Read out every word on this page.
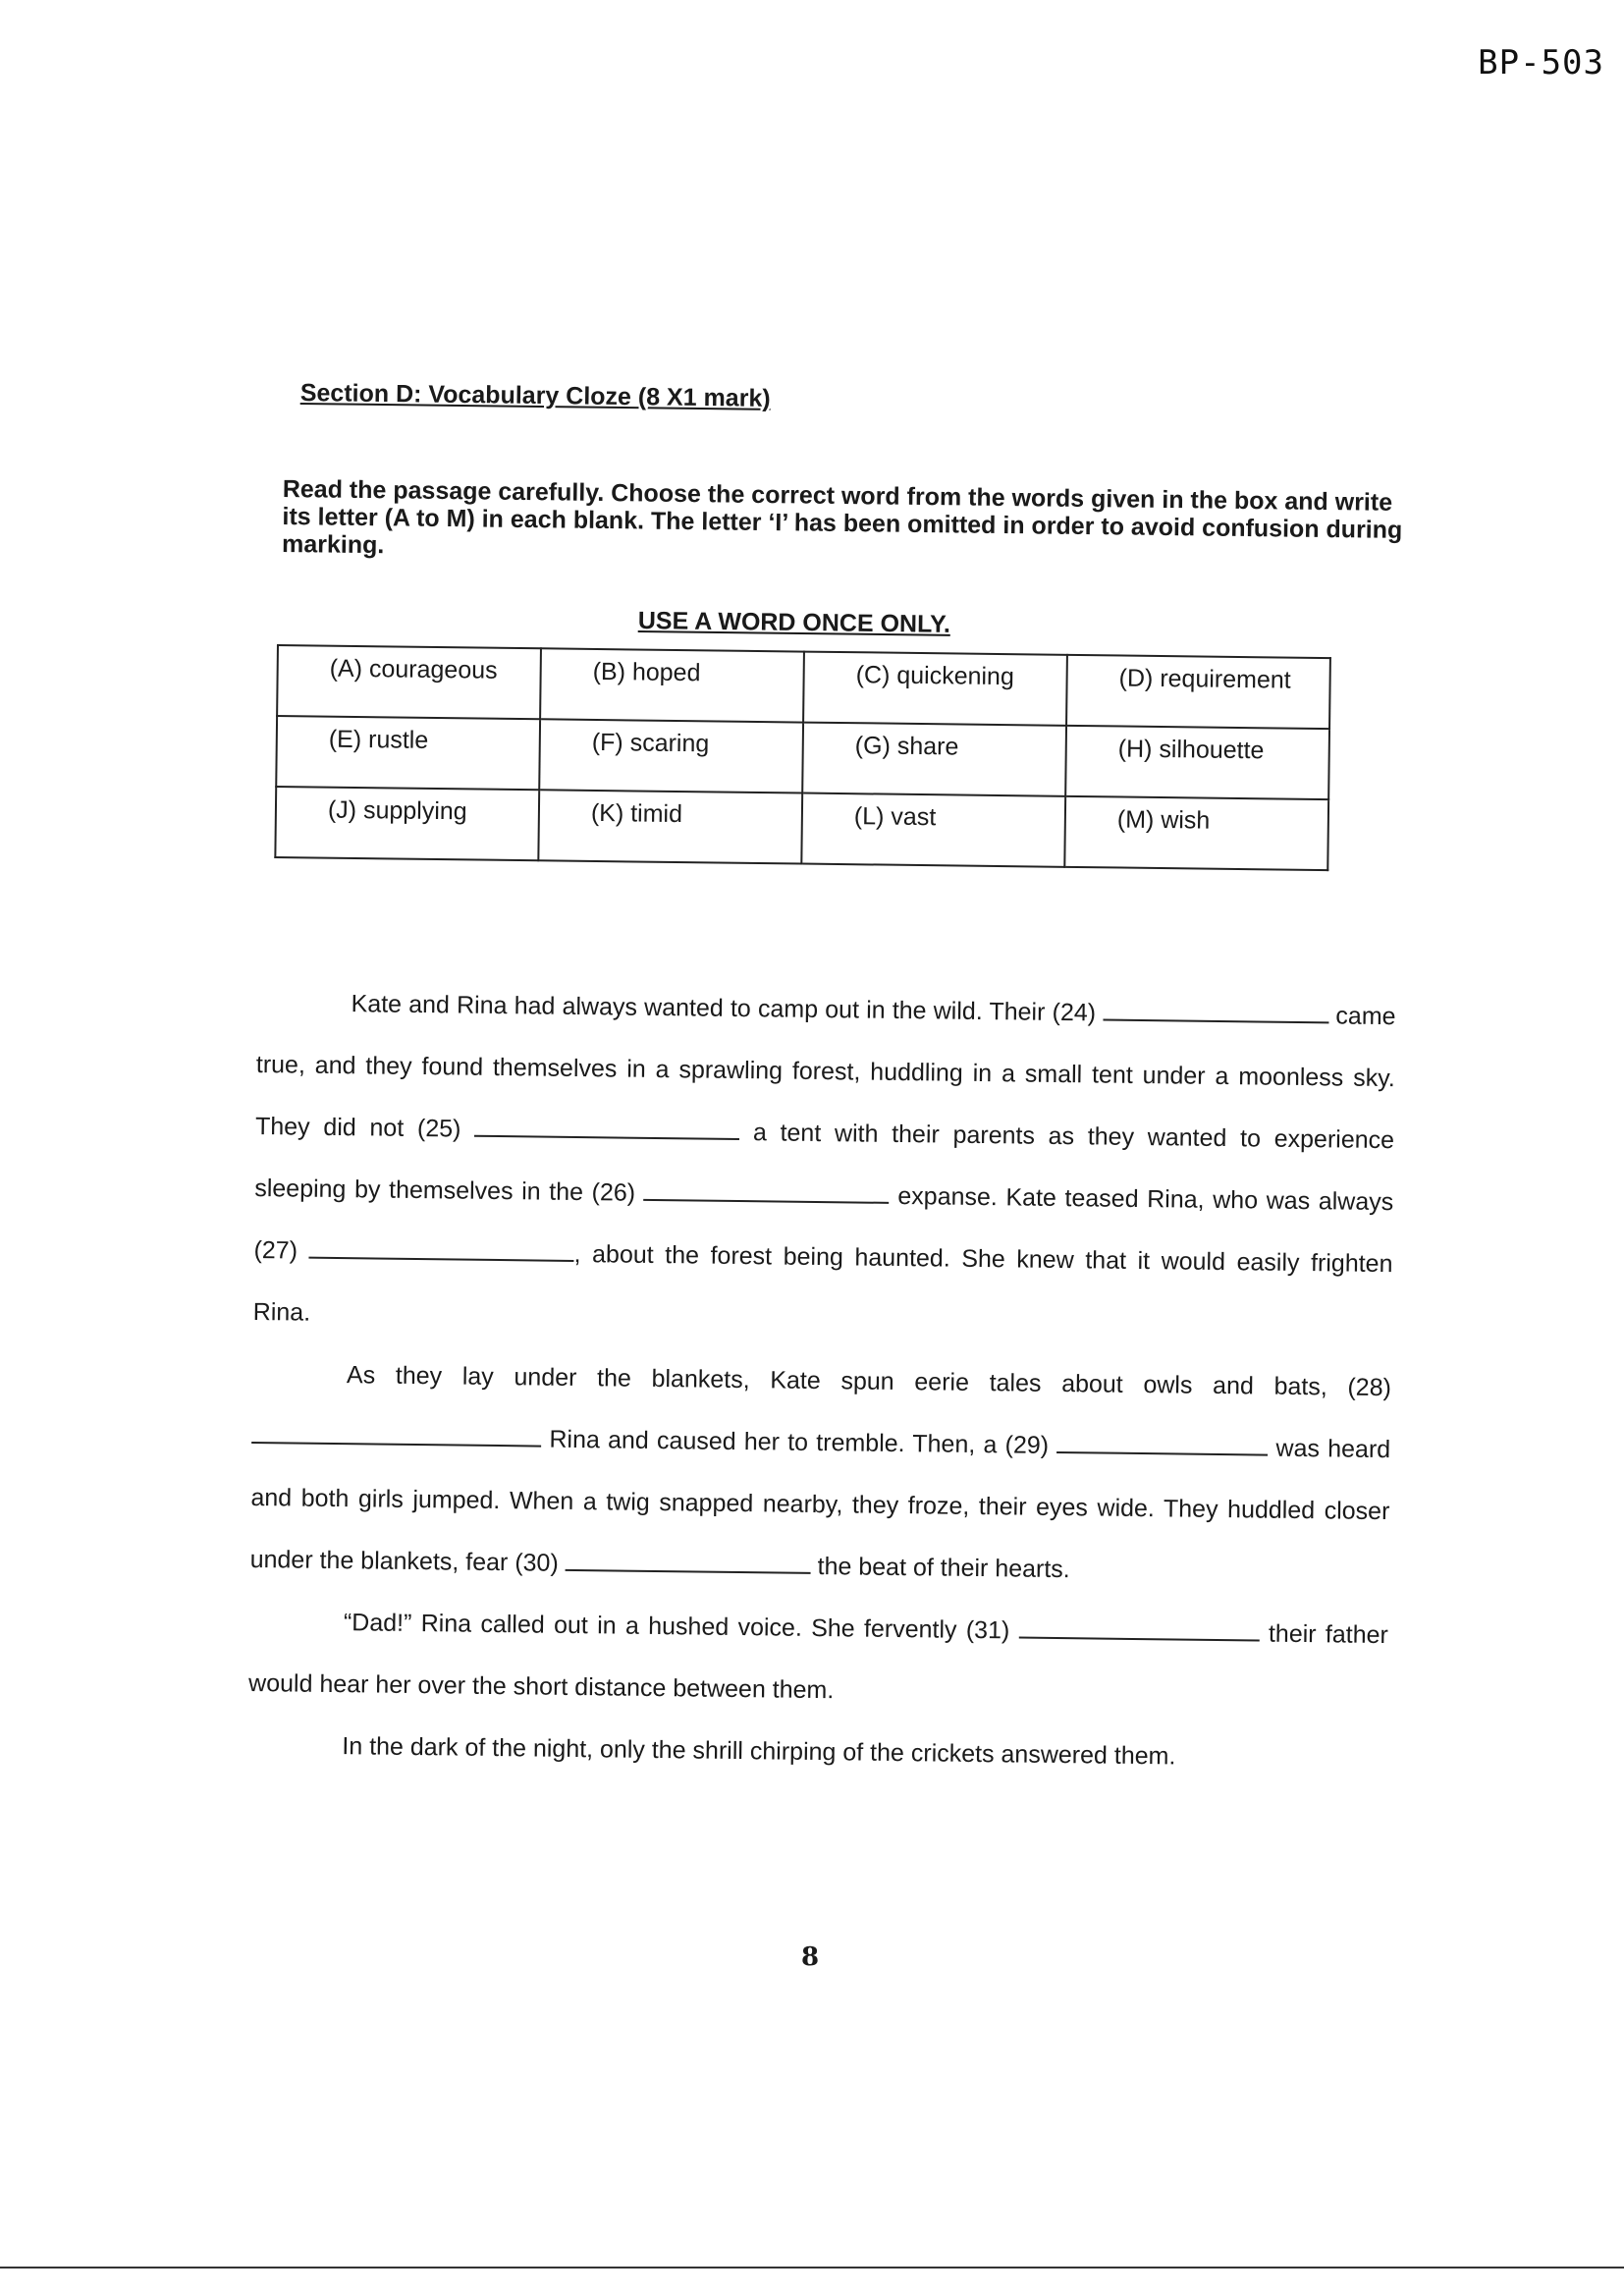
BP-503
Section D: Vocabulary Cloze (8 X1 mark)
Read the passage carefully. Choose the correct word from the words given in the box and write its letter (A to M) in each blank. The letter ‘I’ has been omitted in order to avoid confusion during marking.
USE A WORD ONCE ONLY.
(A) courageous	(B) hoped	(C) quickening	(D) requirement
(E) rustle	(F) scaring	(G) share	(H) silhouette
(J) supplying	(K) timid	(L) vast	(M) wish

Kate and Rina had always wanted to camp out in the wild. Their (24)	came true, and they found themselves in a sprawling forest, huddling in a small tent under a moonless sky. They did not (25)	a tent with their parents as they wanted to experience sleeping by themselves in the (26)	expanse. Kate teased Rina, who was always (27)	, about the forest being haunted. She knew that it would easily frighten Rina.

As they lay under the blankets, Kate spun eerie tales about owls and bats, (28)  Rina and caused her to tremble. Then, a (29)	was heard and both girls jumped. When a twig snapped nearby, they froze, their eyes wide. They huddled closer under the blankets, fear (30)	the beat of their hearts.

“Dad!” Rina called out in a hushed voice. She fervently (31)	their father would hear her over the short distance between them.

In the dark of the night, only the shrill chirping of the crickets answered them.

8
